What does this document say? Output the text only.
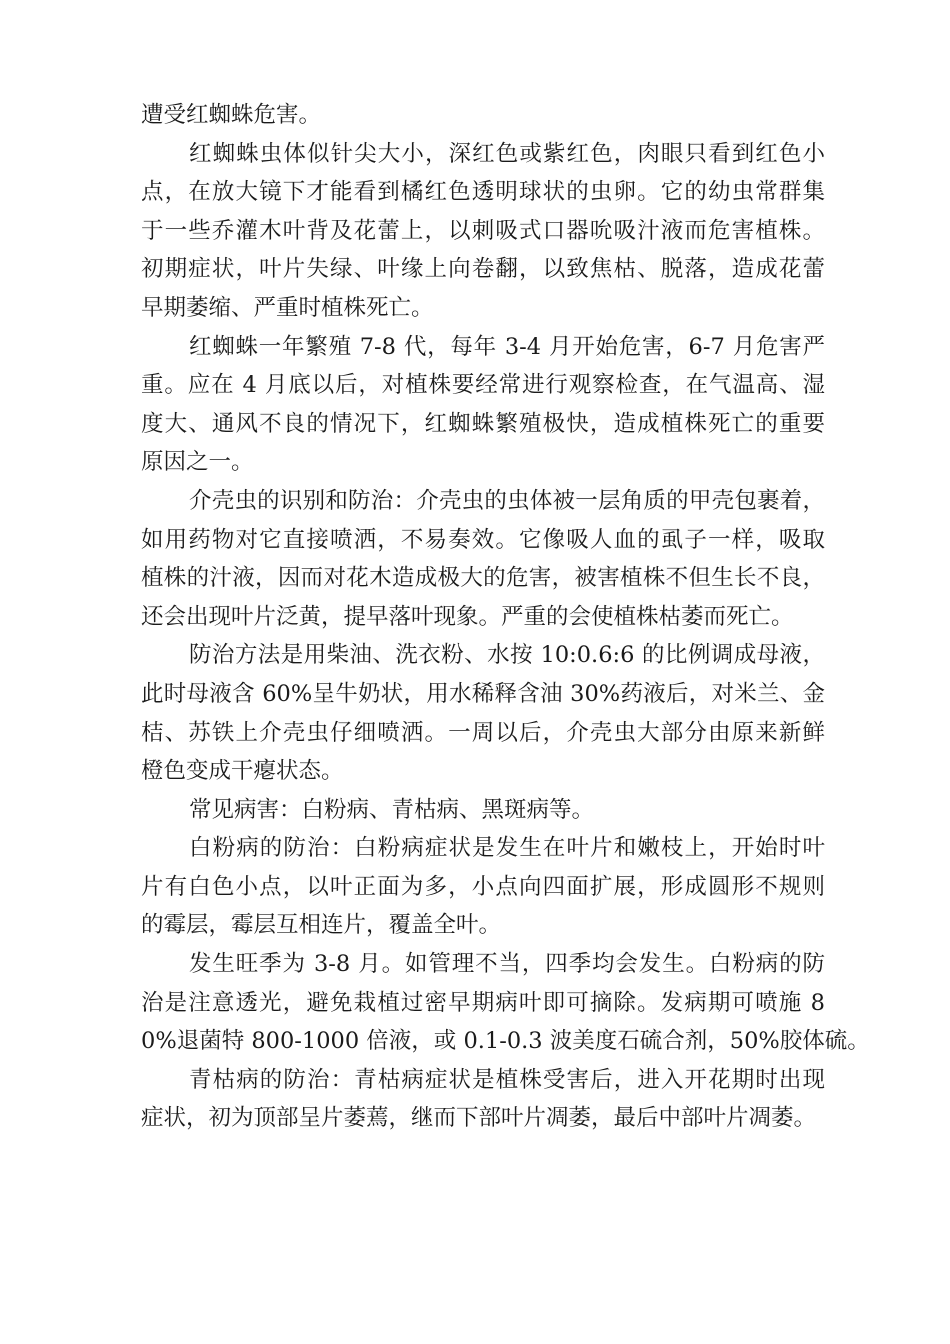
遭受红蜘蛛危害。

红蜘蛛虫体似针尖大小，深红色或紫红色，肉眼只看到红色小
点，在放大镜下才能看到橘红色透明球状的虫卵。它的幼虫常群集
于一些乔灌木叶背及花蕾上，以刺吸式口器吮吸汁液而危害植株。
初期症状，叶片失绿、叶缘上向卷翻，以致焦枯、脱落，造成花蕾
早期萎缩、严重时植株死亡。

红蜘蛛一年繁殖 7-8 代，每年 3-4 月开始危害，6-7 月危害严
重。应在 4 月底以后，对植株要经常进行观察检查，在气温高、湿
度大、通风不良的情况下，红蜘蛛繁殖极快，造成植株死亡的重要
原因之一。

介壳虫的识别和防治：介壳虫的虫体被一层角质的甲壳包裹着，
如用药物对它直接喷洒，不易奏效。它像吸人血的虱子一样，吸取
植株的汁液，因而对花木造成极大的危害，被害植株不但生长不良，
还会出现叶片泛黄，提早落叶现象。严重的会使植株枯萎而死亡。

防治方法是用柴油、洗衣粉、水按 10:0.6:6 的比例调成母液，
此时母液含 60%呈牛奶状，用水稀释含油 30%药液后，对米兰、金
桔、苏铁上介壳虫仔细喷洒。一周以后，介壳虫大部分由原来新鲜
橙色变成干瘪状态。

常见病害：白粉病、青枯病、黑斑病等。

白粉病的防治：白粉病症状是发生在叶片和嫩枝上，开始时叶
片有白色小点，以叶正面为多，小点向四面扩展，形成圆形不规则
的霉层，霉层互相连片，覆盖全叶。

发生旺季为 3-8 月。如管理不当，四季均会发生。白粉病的防
治是注意透光，避免栽植过密早期病叶即可摘除。发病期可喷施 8
0%退菌特 800-1000 倍液，或 0.1-0.3 波美度石硫合剂，50%胶体硫。

青枯病的防治：青枯病症状是植株受害后，进入开花期时出现
症状，初为顶部呈片萎蔫，继而下部叶片凋萎，最后中部叶片凋萎。
